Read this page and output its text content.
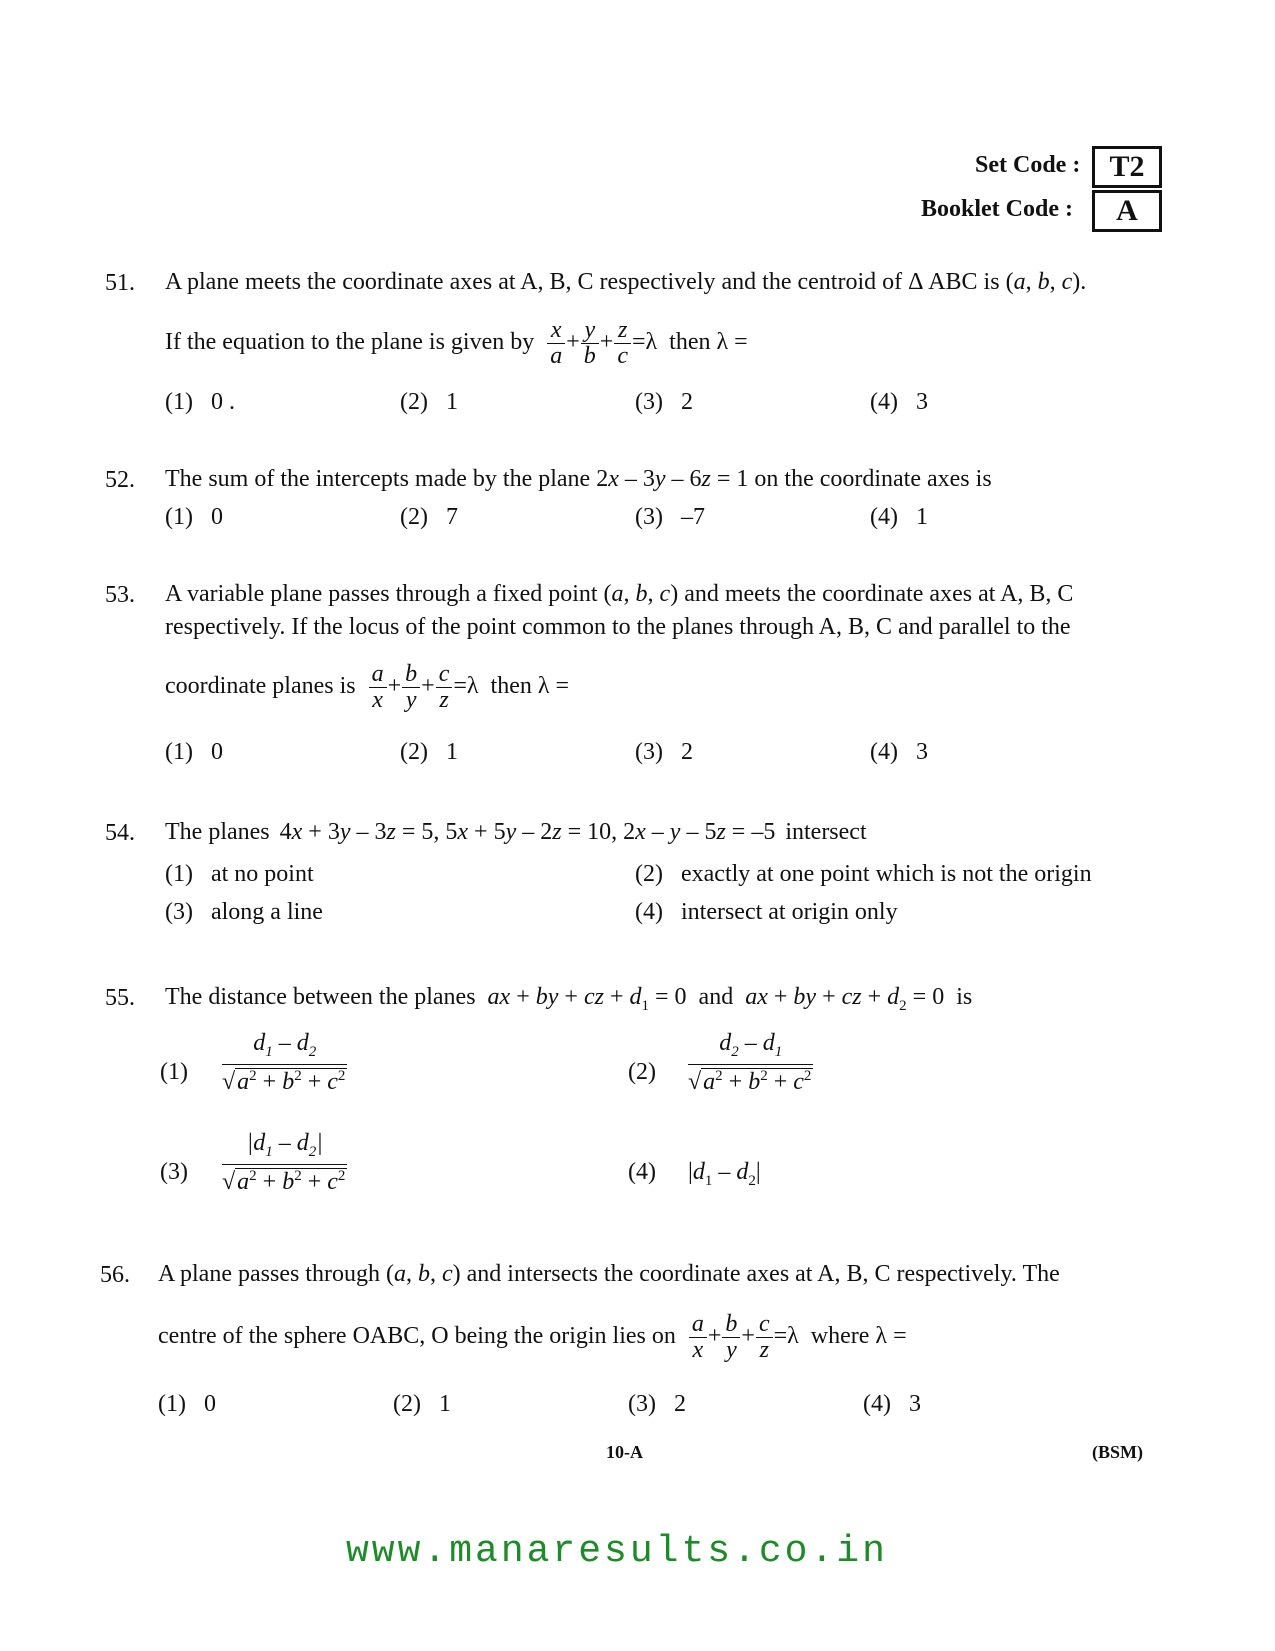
Set Code : T2
Booklet Code :	A
51. A plane meets the coordinate axes at A, B, C respectively and the centroid of Δ ABC is (a, b, c).
If the equation to the plane is given by $\frac{x}{a} + \frac{y}{b} + \frac{z}{c} =\lambda$ then λ =
(1) 0 .	(2) 1	(3) 2	(4) 3
52. The sum of the intercepts made by the plane 2x – 3y – 6z = 1 on the coordinate axes is
(1) 0	(2) 7	(3) –7	(4) 1
53. A variable plane passes through a fixed point (a, b, c) and meets the coordinate axes at A, B, C
respectively. If the locus of the point common to the planes through A, B, C and parallel to the
coordinate planes is $\frac{a}{x} + \frac{b}{y} + \frac{c}{z} =\lambda$ then λ =
(1) 0	(2) 1	(3) 2	(4) 3
54. The planes 4x + 3y – 3z = 5, 5x + 5y – 2z = 10, 2x – y – 5z = –5 intersect
(1) at no point	(2) exactly at one point which is not the origin
(3) along a line	(4) intersect at origin only
55. The distance between the planes ax + by + cz + $d_1 = 0$ and ax + by + cz + $d_2 = 0$ is
$(1) \frac{d_1 - d_2}{√a^2 + b^2 + c^2}$	$(2) \frac{d_2 - d_1}{√a^2 + b^2 + c^2}$
$(3) \frac{|d_1 - d_2|}{√a^2 + b^2 + c^2}$	(4) $|d_1 - d_2|$
56. A plane passes through (a, b, c) and intersects the coordinate axes at A, B, C respectively. The
centre of the sphere OABC, O being the origin lies on $\frac{a}{x} + \frac{b}{y} + \frac{c}{z} =\lambda$ where λ =
(1) 0	(2) 1	(3) 2	(4) 3
10-A	(BSM)
www.manaresults.co.in
